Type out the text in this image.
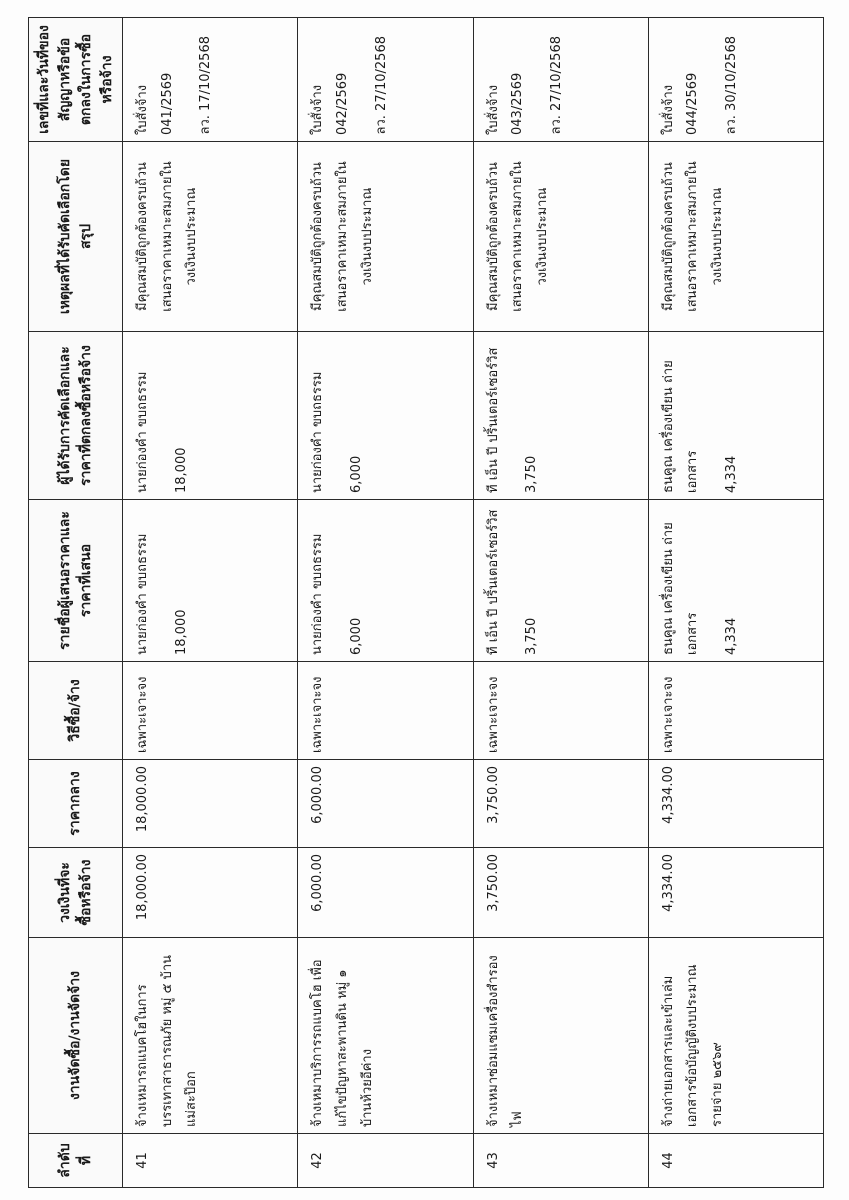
ลำดับที่	งานจัดซื้อ/งานจัดจ้าง	วงเงินที่จะซื้อหรือจ้าง	ราคากลาง	วิธีซื้อ/จ้าง	รายชื่อผู้เสนอราคาและราคาที่เสนอ	ผู้ได้รับการคัดเลือกและราคาที่ตกลงซื้อหรือจ้าง	เหตุผลที่ได้รับคัดเลือกโดยสรุป	เลขที่และวันที่ของสัญญาหรือข้อตกลงในการซื้อหรือจ้าง
41	จ้างเหมารถแบคโฮในการบรรเทาสาธารณภัย หมู่ ๕ บ้านแม่สะป๊อก	18,000.00	18,000.00	เฉพาะเจาะจง	นายก่องคำ ขบถธรรม 18,000	นายก่องคำ ขบถธรรม 18,000	มีคุณสมบัติถูกต้องครบถ้วน เสนอราคาเหมาะสมภายในวงเงินงบประมาณ	ใบสั่งจ้าง 041/2569 ลว. 17/10/2568

42	จ้างเหมาบริการรถแบคโฮ เพื่อแก้ไขปัญหาสะพานดิน หมู่ ๑ บ้านห้วยอีค่าง	6,000.00	6,000.00	เฉพาะเจาะจง	นายก่องคำ ขบถธรรม 6,000	นายก่องคำ ขบถธรรม 6,000	มีคุณสมบัติถูกต้องครบถ้วน เสนอราคาเหมาะสมภายในวงเงินงบประมาณ	ใบสั่งจ้าง 042/2569 ลว. 27/10/2568

43	จ้างเหมาซ่อมแซมเครื่องสำรองไฟ	3,750.00	3,750.00	เฉพาะเจาะจง	ที เอ็น ปี ปริ้นเตอร์เซอร์วิส 3,750	ที เอ็น ปี ปริ้นเตอร์เซอร์วิส 3,750	มีคุณสมบัติถูกต้องครบถ้วน เสนอราคาเหมาะสมภายในวงเงินงบประมาณ	ใบสั่งจ้าง 043/2569 ลว. 27/10/2568

44	จ้างถ่ายเอกสารและเข้าเล่มเอกสารข้อบัญญัติงบประมาณรายจ่าย ๒๕๖๙	4,334.00	4,334.00	เฉพาะเจาะจง	ธนคูณ เครื่องเขียน ถ่ายเอกสาร 4,334	ธนคูณ เครื่องเขียน ถ่ายเอกสาร 4,334	มีคุณสมบัติถูกต้องครบถ้วน เสนอราคาเหมาะสมภายในวงเงินงบประมาณ	ใบสั่งจ้าง 044/2569 ลว. 30/10/2568
